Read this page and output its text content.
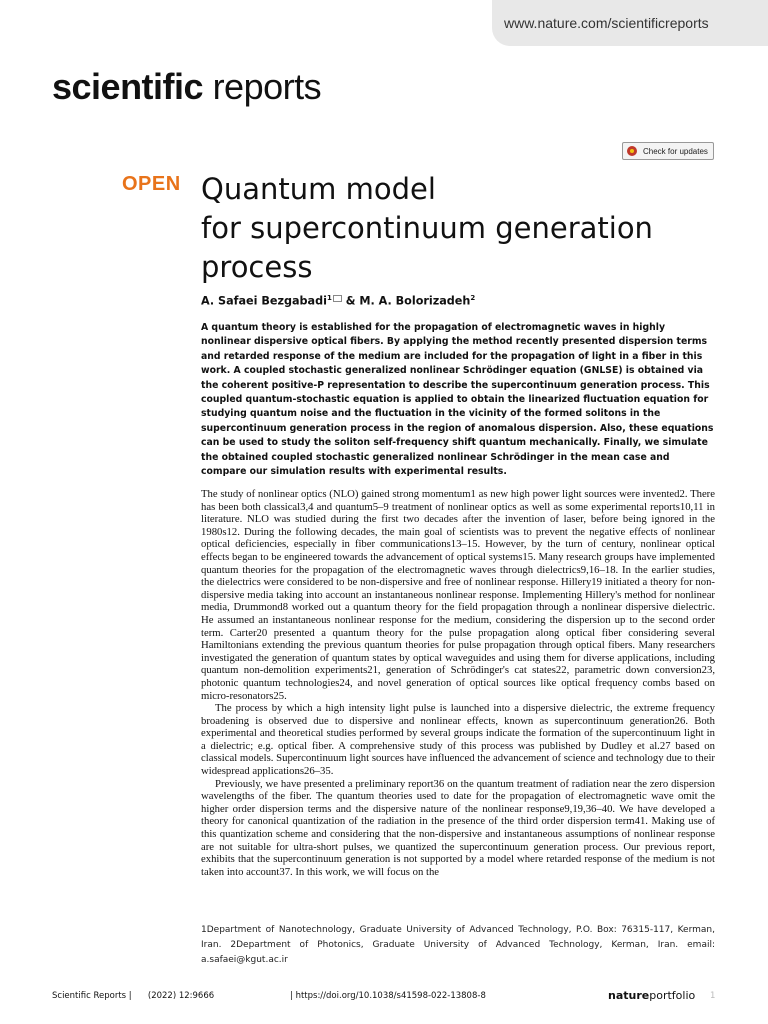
www.nature.com/scientificreports
scientific reports
Check for updates
OPEN Quantum model
for supercontinuum generation
process
A. Safaei Bezgabadi$^1$ & M. A. Bolorizadeh$^2$

A quantum theory is established for the propagation of electromagnetic waves in highly nonlinear dispersive optical fibers. By applying the method recently presented dispersion terms and retarded response of the medium are included for the propagation of light in a fiber in this work. A coupled stochastic generalized nonlinear Schrödinger equation (GNLSE) is obtained via the coherent positive-P representation to describe the supercontinuum generation process. This coupled quantum-stochastic equation is applied to obtain the linearized fluctuation equation for studying quantum noise and the fluctuation in the vicinity of the formed solitons in the supercontinuum generation process in the region of anomalous dispersion. Also, these equations can be used to study the soliton self-frequency shift quantum mechanically. Finally, we simulate the obtained coupled stochastic generalized nonlinear Schrödinger in the mean case and compare our simulation results with experimental results.

The study of nonlinear optics (NLO) gained strong momentum1 as new high power light sources were invented2. There has been both classical3,4 and quantum5–9 treatment of nonlinear optics as well as some experimental reports10,11 in literature. NLO was studied during the first two decades after the invention of laser, before being ignored in the 1980s12. During the following decades, the main goal of scientists was to prevent the negative effects of nonlinear optical deficiencies, especially in fiber communications13–15. However, by the turn of century, nonlinear optical effects began to be engineered towards the advancement of optical systems15. Many research groups have implemented quantum theories for the propagation of the electromagnetic waves through dielectrics9,16–18. In the earlier studies, the dielectrics were considered to be non-dispersive and free of nonlinear response. Hillery19 initiated a theory for non-dispersive media taking into account an instantaneous nonlinear response. Implementing Hillery's method for nonlinear media, Drummond8 worked out a quantum theory for the field propagation through a nonlinear dispersive dielectric. He assumed an instantaneous nonlinear response for the medium, considering the dispersion up to the second order term. Carter20 presented a quantum theory for the pulse propagation along optical fiber considering several Hamiltonians extending the previous quantum theories for pulse propagation through optical fibers. Many researchers investigated the generation of quantum states by optical waveguides and using them for diverse applications, including quantum non-demolition experiments21, generation of Schrödinger's cat states22, parametric down conversion23, photonic quantum technologies24, and novel generation of optical sources like optical frequency combs based on micro-resonators25.

The process by which a high intensity light pulse is launched into a dispersive dielectric, the extreme frequency broadening is observed due to dispersive and nonlinear effects, known as supercontinuum generation26. Both experimental and theoretical studies performed by several groups indicate the formation of the supercontinuum light in a dielectric; e.g. optical fiber. A comprehensive study of this process was published by Dudley et al.27 based on classical models. Supercontinuum light sources have influenced the advancement of science and technology due to their widespread applications26–35.

Previously, we have presented a preliminary report36 on the quantum treatment of radiation near the zero dispersion wavelengths of the fiber. The quantum theories used to date for the propagation of electromagnetic wave omit the higher order dispersion terms and the dispersive nature of the nonlinear response9,19,36–40. We have developed a theory for canonical quantization of the radiation in the presence of the third order dispersion term41. Making use of this quantization scheme and considering that the non-dispersive and instantaneous assumptions of nonlinear response are not suitable for ultra-short pulses, we quantized the supercontinuum generation process. Our previous report, exhibits that the supercontinuum generation is not supported by a model where retarded response of the medium is not taken into account37. In this work, we will focus on the

1Department of Nanotechnology, Graduate University of Advanced Technology, P.O. Box: 76315-117, Kerman, Iran. 2Department of Photonics, Graduate University of Advanced Technology, Kerman, Iran. email: a.safaei@kgut.ac.ir

Scientific Reports | (2022) 12:9666	| https://doi.org/10.1038/s41598-022-13808-8	natureportfolio 1
